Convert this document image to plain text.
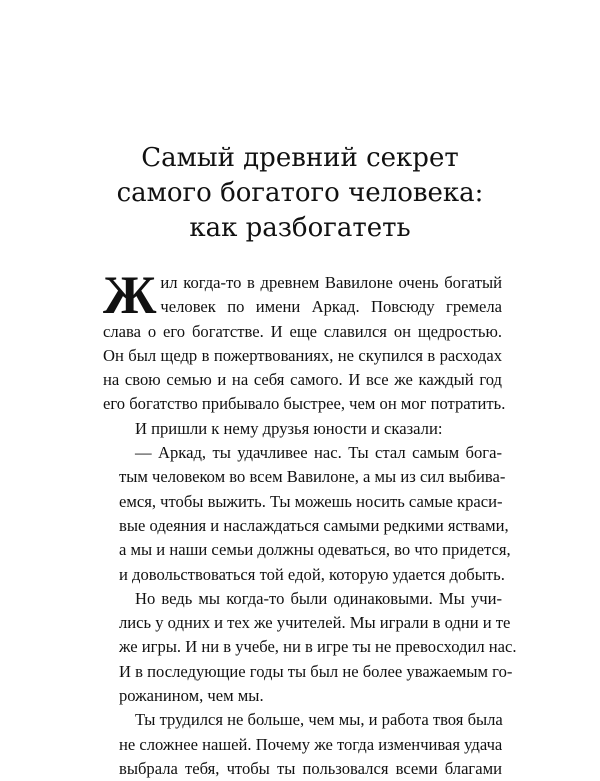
Самый древний секрет
самого богатого человека:
как разбогатеть
Ж ил когда-то в древнем Вавилоне очень богатый
человек по имени Аркад. Повсюду гремела
слава о его богатстве. И еще славился он щедростью.
Он был щедр в пожертвованиях, не скупился в расходах
на свою семью и на себя самого. И все же каждый год
его богатство прибывало быстрее, чем он мог потратить.
И пришли к нему друзья юности и сказали:
— Аркад, ты удачливее нас. Ты стал самым бога-
тым человеком во всем Вавилоне, а мы из сил выбива-
емся, чтобы выжить. Ты можешь носить самые краси-
вые одеяния и наслаждаться самыми редкими яствами,
а мы и наши семьи должны одеваться, во что придется,
и довольствоваться той едой, которую удается добыть.
Но ведь мы когда-то были одинаковыми. Мы учи-
лись у одних и тех же учителей. Мы играли в одни и те
же игры. И ни в учебе, ни в игре ты не превосходил нас.
И в последующие годы ты был не более уважаемым го-
рожанином, чем мы.
Ты трудился не больше, чем мы, и работа твоя была
не сложнее нашей. Почему же тогда изменчивая удача
выбрала тебя, чтобы ты пользовался всеми благами
